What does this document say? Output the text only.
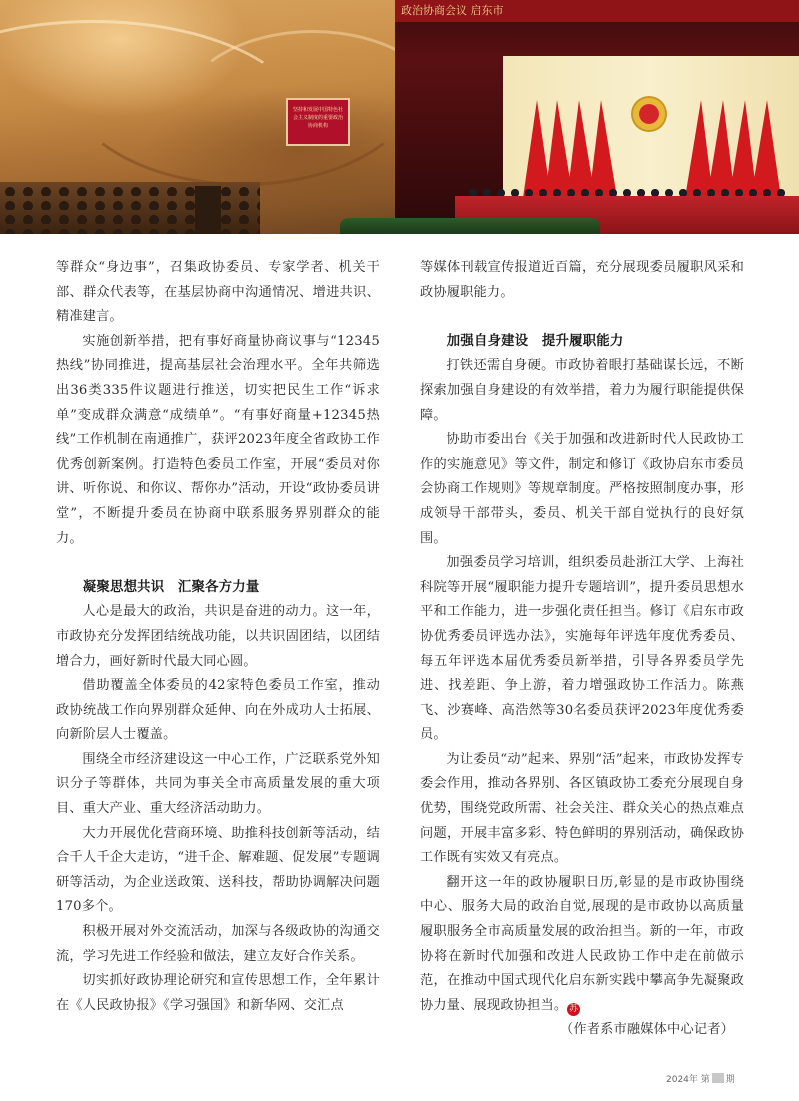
坚持和发展中国特色社会主义制度的重要政治协商机构
政治协商会议 启东市

等群众“身边事”，召集政协委员、专家学者、机关干部、群众代表等，在基层协商中沟通情况、增进共识、精准建言。

实施创新举措，把有事好商量协商议事与“12345热线”协同推进，提高基层社会治理水平。全年共筛选出36类335件议题进行推送，切实把民生工作“诉求单”变成群众满意“成绩单”。“有事好商量+12345热线”工作机制在南通推广，获评2023年度全省政协工作优秀创新案例。打造特色委员工作室，开展“委员对你讲、听你说、和你议、帮你办”活动，开设“政协委员讲堂”，不断提升委员在协商中联系服务界别群众的能力。

凝聚思想共识　汇聚各方力量

人心是最大的政治，共识是奋进的动力。这一年，市政协充分发挥团结统战功能，以共识固团结，以团结增合力，画好新时代最大同心圆。

借助覆盖全体委员的42家特色委员工作室，推动政协统战工作向界别群众延伸、向在外成功人士拓展、向新阶层人士覆盖。

围绕全市经济建设这一中心工作，广泛联系党外知识分子等群体，共同为事关全市高质量发展的重大项目、重大产业、重大经济活动助力。

大力开展优化营商环境、助推科技创新等活动，结合千人千企大走访，“进千企、解难题、促发展”专题调研等活动，为企业送政策、送科技，帮助协调解决问题170多个。

积极开展对外交流活动，加深与各级政协的沟通交流，学习先进工作经验和做法，建立友好合作关系。

切实抓好政协理论研究和宣传思想工作，全年累计在《人民政协报》《学习强国》和新华网、交汇点

等媒体刊载宣传报道近百篇，充分展现委员履职风采和政协履职能力。

加强自身建设　提升履职能力

打铁还需自身硬。市政协着眼打基础谋长远，不断探索加强自身建设的有效举措，着力为履行职能提供保障。

协助市委出台《关于加强和改进新时代人民政协工作的实施意见》等文件，制定和修订《政协启东市委员会协商工作规则》等规章制度。严格按照制度办事，形成领导干部带头，委员、机关干部自觉执行的良好氛围。

加强委员学习培训，组织委员赴浙江大学、上海社科院等开展“履职能力提升专题培训”，提升委员思想水平和工作能力，进一步强化责任担当。修订《启东市政协优秀委员评选办法》，实施每年评选年度优秀委员、每五年评选本届优秀委员新举措，引导各界委员学先进、找差距、争上游，着力增强政协工作活力。陈燕飞、沙赛峰、高浩然等30名委员获评2023年度优秀委员。

为让委员“动”起来、界别“活”起来，市政协发挥专委会作用，推动各界别、各区镇政协工委充分展现自身优势，围绕党政所需、社会关注、群众关心的热点难点问题，开展丰富多彩、特色鲜明的界别活动，确保政协工作既有实效又有亮点。

翻开这一年的政协履职日历,彰显的是市政协围绕中心、服务大局的政治自觉,展现的是市政协以高质量履职服务全市高质量发展的政治担当。新的一年，市政协将在新时代加强和改进人民政协工作中走在前做示范，在推动中国式现代化启东新实践中攀高争先凝聚政协力量、展现政协担当。 苏

（作者系市融媒体中心记者）

2024年 第 期
